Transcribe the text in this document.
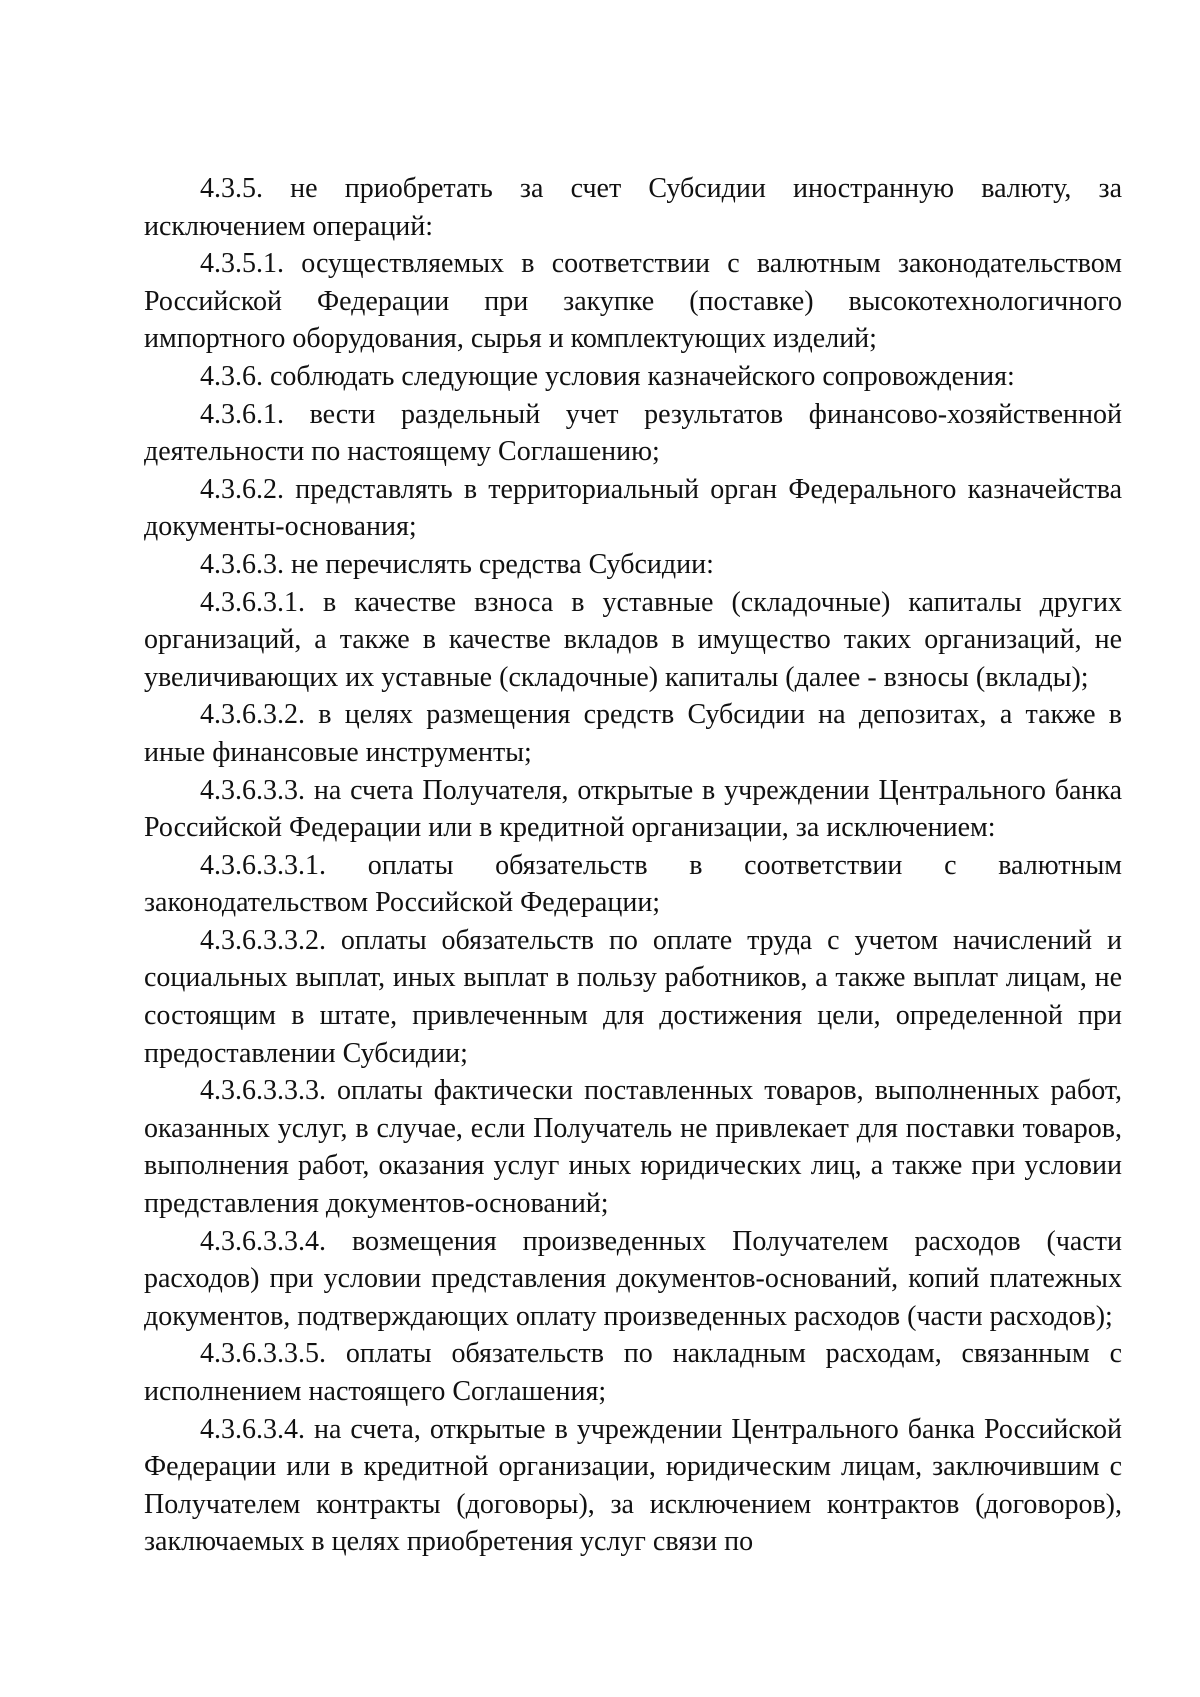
4.3.5. не приобретать за счет Субсидии иностранную валюту, за исключением операций:

4.3.5.1. осуществляемых в соответствии с валютным законодательством Российской Федерации при закупке (поставке) высокотехнологичного импортного оборудования, сырья и комплектующих изделий;

4.3.6. соблюдать следующие условия казначейского сопровождения:

4.3.6.1. вести раздельный учет результатов финансово-хозяйственной деятельности по настоящему Соглашению;

4.3.6.2. представлять в территориальный орган Федерального казначейства документы-основания;

4.3.6.3. не перечислять средства Субсидии:

4.3.6.3.1. в качестве взноса в уставные (складочные) капиталы других организаций, а также в качестве вкладов в имущество таких организаций, не увеличивающих их уставные (складочные) капиталы (далее - взносы (вклады);

4.3.6.3.2. в целях размещения средств Субсидии на депозитах, а также в иные финансовые инструменты;

4.3.6.3.3. на счета Получателя, открытые в учреждении Центрального банка Российской Федерации или в кредитной организации, за исключением:

4.3.6.3.3.1. оплаты обязательств в соответствии с валютным законодательством Российской Федерации;

4.3.6.3.3.2. оплаты обязательств по оплате труда с учетом начислений и социальных выплат, иных выплат в пользу работников, а также выплат лицам, не состоящим в штате, привлеченным для достижения цели, определенной при предоставлении Субсидии;

4.3.6.3.3.3. оплаты фактически поставленных товаров, выполненных работ, оказанных услуг, в случае, если Получатель не привлекает для поставки товаров, выполнения работ, оказания услуг иных юридических лиц, а также при условии представления документов-оснований;

4.3.6.3.3.4. возмещения произведенных Получателем расходов (части расходов) при условии представления документов-оснований, копий платежных документов, подтверждающих оплату произведенных расходов (части расходов);

4.3.6.3.3.5. оплаты обязательств по накладным расходам, связанным с исполнением настоящего Соглашения;

4.3.6.3.4. на счета, открытые в учреждении Центрального банка Российской Федерации или в кредитной организации, юридическим лицам, заключившим с Получателем контракты (договоры), за исключением контрактов (договоров), заключаемых в целях приобретения услуг связи по
